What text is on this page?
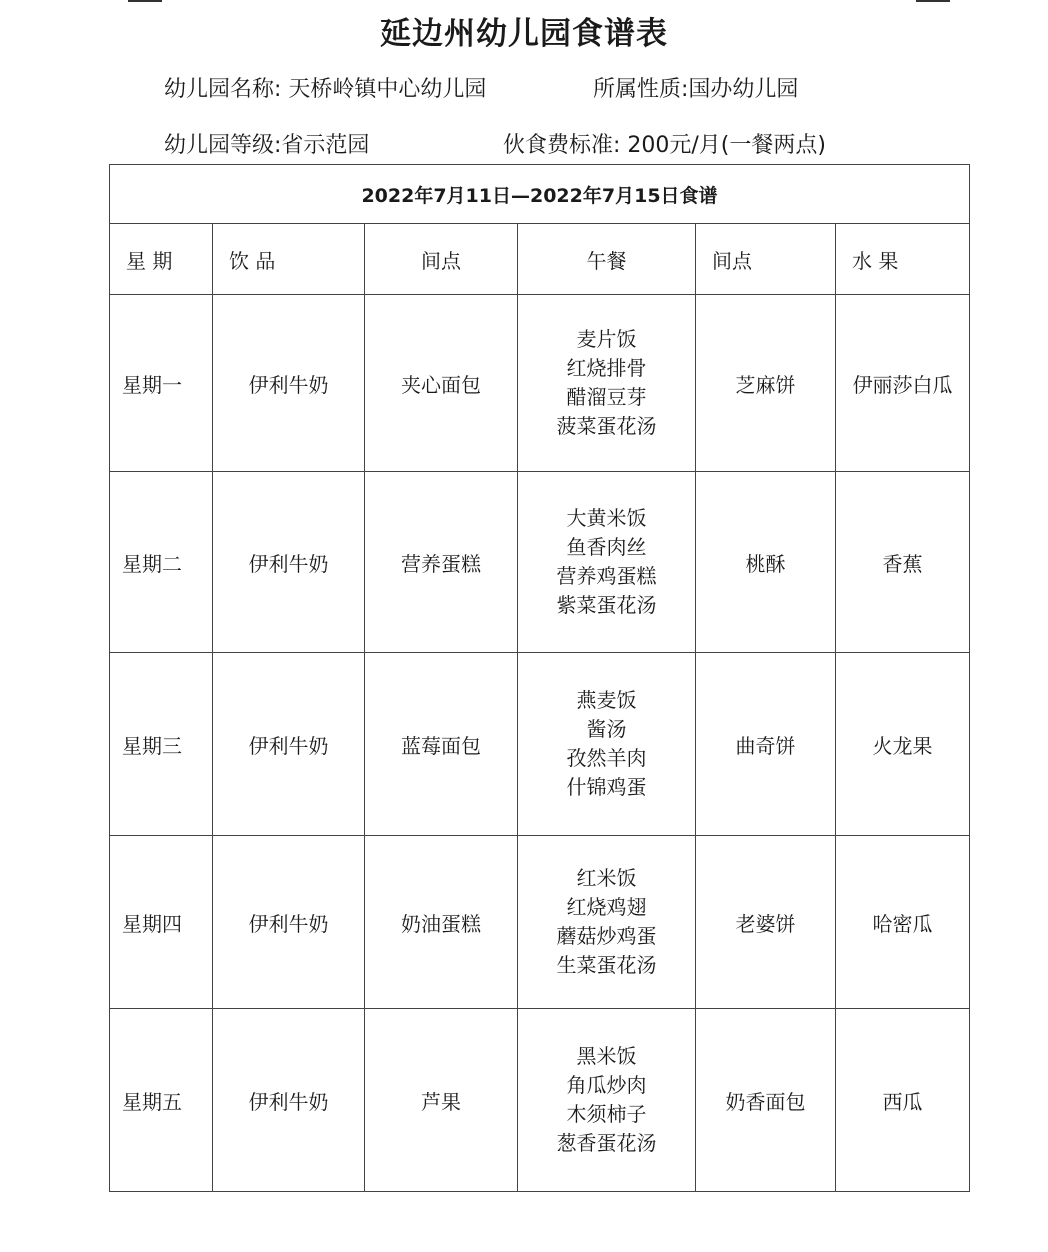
延边州幼儿园食谱表
幼儿园名称: 天桥岭镇中心幼儿园	所属性质:国办幼儿园
幼儿园等级:省示范园	伙食费标准: 200元/月(一餐两点)
2022年7月11日—2022年7月15日食谱					
星 期	饮 品	间点	午餐	间点	水 果
星期一	伊利牛奶	夹心面包	麦片饭
红烧排骨
醋溜豆芽
菠菜蛋花汤	芝麻饼	伊丽莎白瓜
星期二	伊利牛奶	营养蛋糕	大黄米饭
鱼香肉丝
营养鸡蛋糕
紫菜蛋花汤	桃酥	香蕉
星期三	伊利牛奶	蓝莓面包	燕麦饭
酱汤
孜然羊肉
什锦鸡蛋	曲奇饼	火龙果
星期四	伊利牛奶	奶油蛋糕	红米饭
红烧鸡翅
蘑菇炒鸡蛋
生菜蛋花汤	老婆饼	哈密瓜
星期五	伊利牛奶	芦果	黑米饭
角瓜炒肉
木须柿子
葱香蛋花汤	奶香面包	西瓜
